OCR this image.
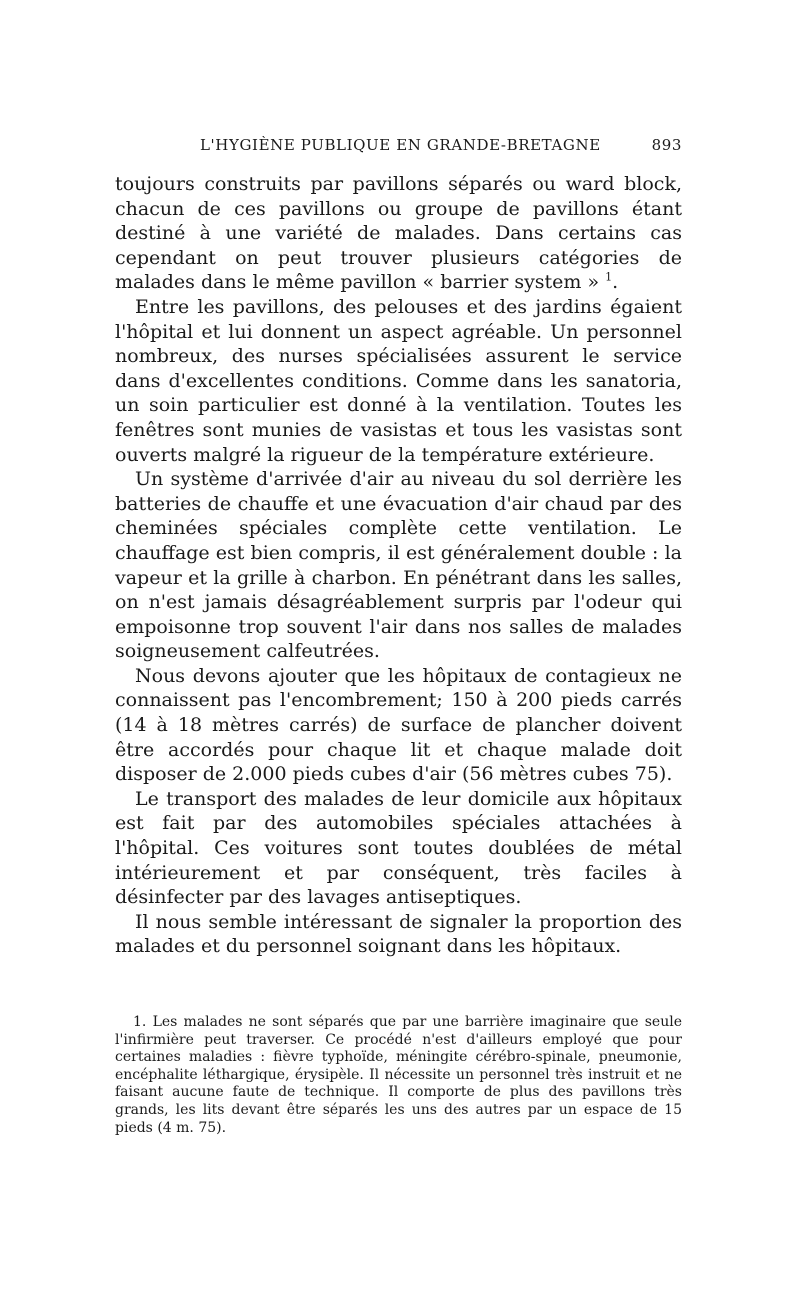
L'HYGIÈNE PUBLIQUE EN GRANDE-BRETAGNE	893

toujours construits par pavillons séparés ou ward block, chacun de ces pavillons ou groupe de pavillons étant destiné à une variété de malades. Dans certains cas cependant on peut trouver plusieurs catégories de malades dans le même pavillon « barrier system » $^1$.

Entre les pavillons, des pelouses et des jardins égaient l'hôpital et lui donnent un aspect agréable. Un personnel nombreux, des nurses spécialisées assurent le service dans d'excellentes conditions. Comme dans les sanatoria, un soin particulier est donné à la ventilation. Toutes les fenêtres sont munies de vasistas et tous les vasistas sont ouverts malgré la rigueur de la température extérieure.

Un système d'arrivée d'air au niveau du sol derrière les batteries de chauffe et une évacuation d'air chaud par des cheminées spéciales complète cette ventilation. Le chauffage est bien compris, il est généralement double : la vapeur et la grille à charbon. En pénétrant dans les salles, on n'est jamais désagréablement surpris par l'odeur qui empoisonne trop souvent l'air dans nos salles de malades soigneusement calfeutrées.

Nous devons ajouter que les hôpitaux de contagieux ne connaissent pas l'encombrement; 150 à 200 pieds carrés (14 à 18 mètres carrés) de surface de plancher doivent être accordés pour chaque lit et chaque malade doit disposer de 2.000 pieds cubes d'air (56 mètres cubes 75).

Le transport des malades de leur domicile aux hôpitaux est fait par des automobiles spéciales attachées à l'hôpital. Ces voitures sont toutes doublées de métal intérieurement et par conséquent, très faciles à désinfecter par des lavages antiseptiques.

Il nous semble intéressant de signaler la proportion des malades et du personnel soignant dans les hôpitaux.

1. Les malades ne sont séparés que par une barrière imaginaire que seule l'infirmière peut traverser. Ce procédé n'est d'ailleurs employé que pour certaines maladies : fièvre typhoïde, méningite cérébro-spinale, pneumonie, encéphalite léthargique, érysipèle. Il nécessite un personnel très instruit et ne faisant aucune faute de technique. Il comporte de plus des pavillons très grands, les lits devant être séparés les uns des autres par un espace de 15 pieds (4 m. 75).
